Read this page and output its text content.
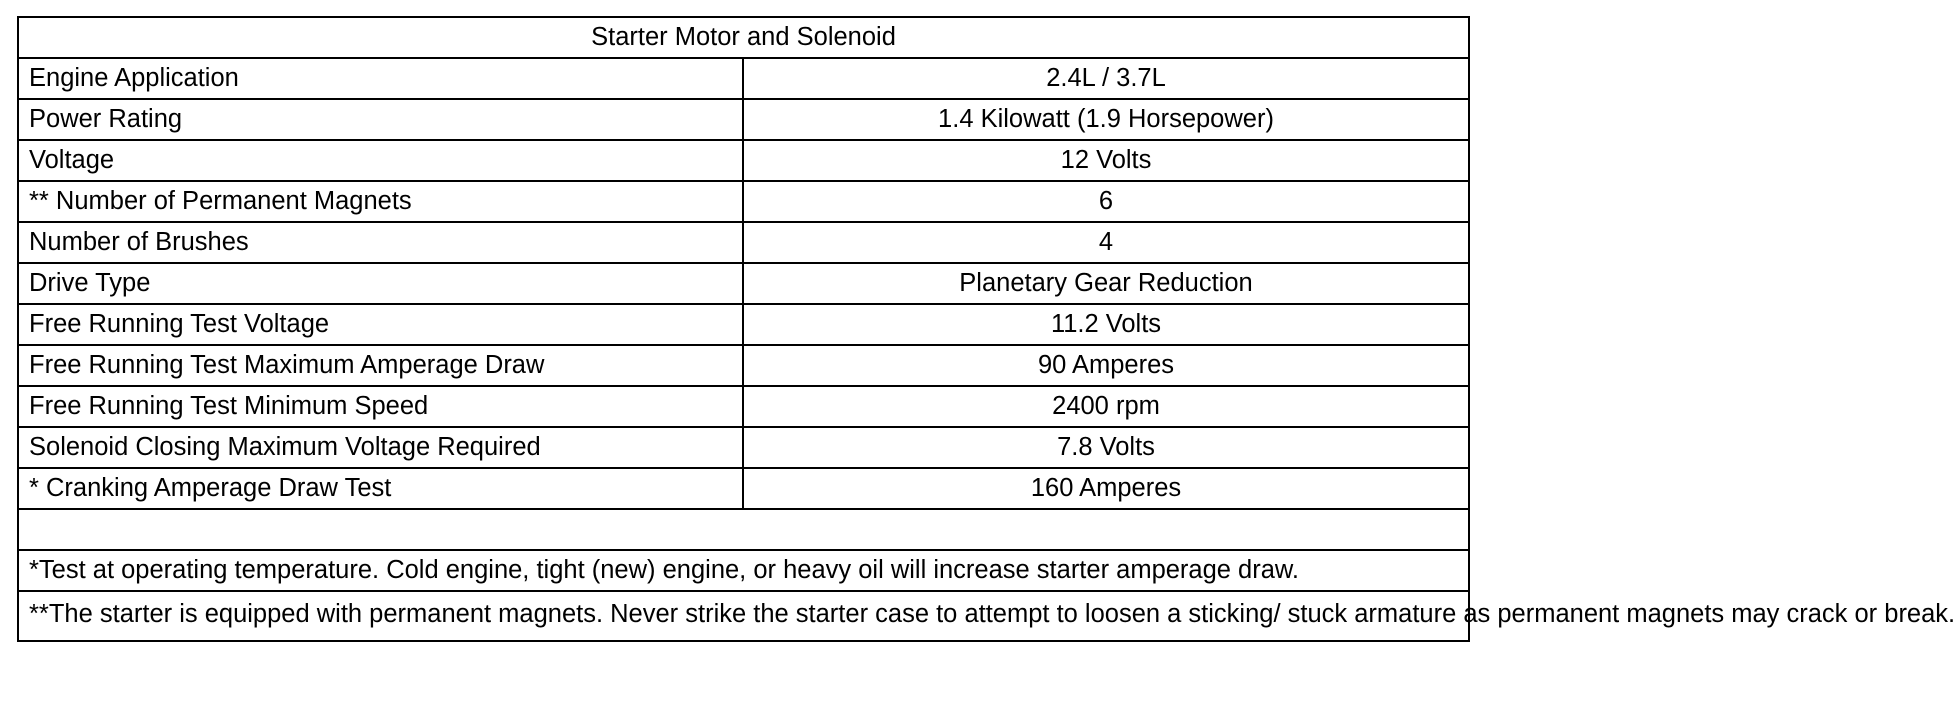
Starter Motor and Solenoid	
Engine Application	2.4L / 3.7L
Power Rating	1.4 Kilowatt (1.9 Horsepower)
Voltage	12 Volts
** Number of Permanent Magnets	6
Number of Brushes	4
Drive Type	Planetary Gear Reduction
Free Running Test Voltage	11.2 Volts
Free Running Test Maximum Amperage Draw	90 Amperes
Free Running Test Minimum Speed	2400 rpm
Solenoid Closing Maximum Voltage Required	7.8 Volts
* Cranking Amperage Draw Test	160 Amperes

*Test at operating temperature. Cold engine, tight (new) engine, or heavy oil will increase starter amperage draw.	
**The starter is equipped with permanent magnets. Never strike the starter case to attempt to loosen a sticking/ stuck armature as permanent magnets may crack or break.	
